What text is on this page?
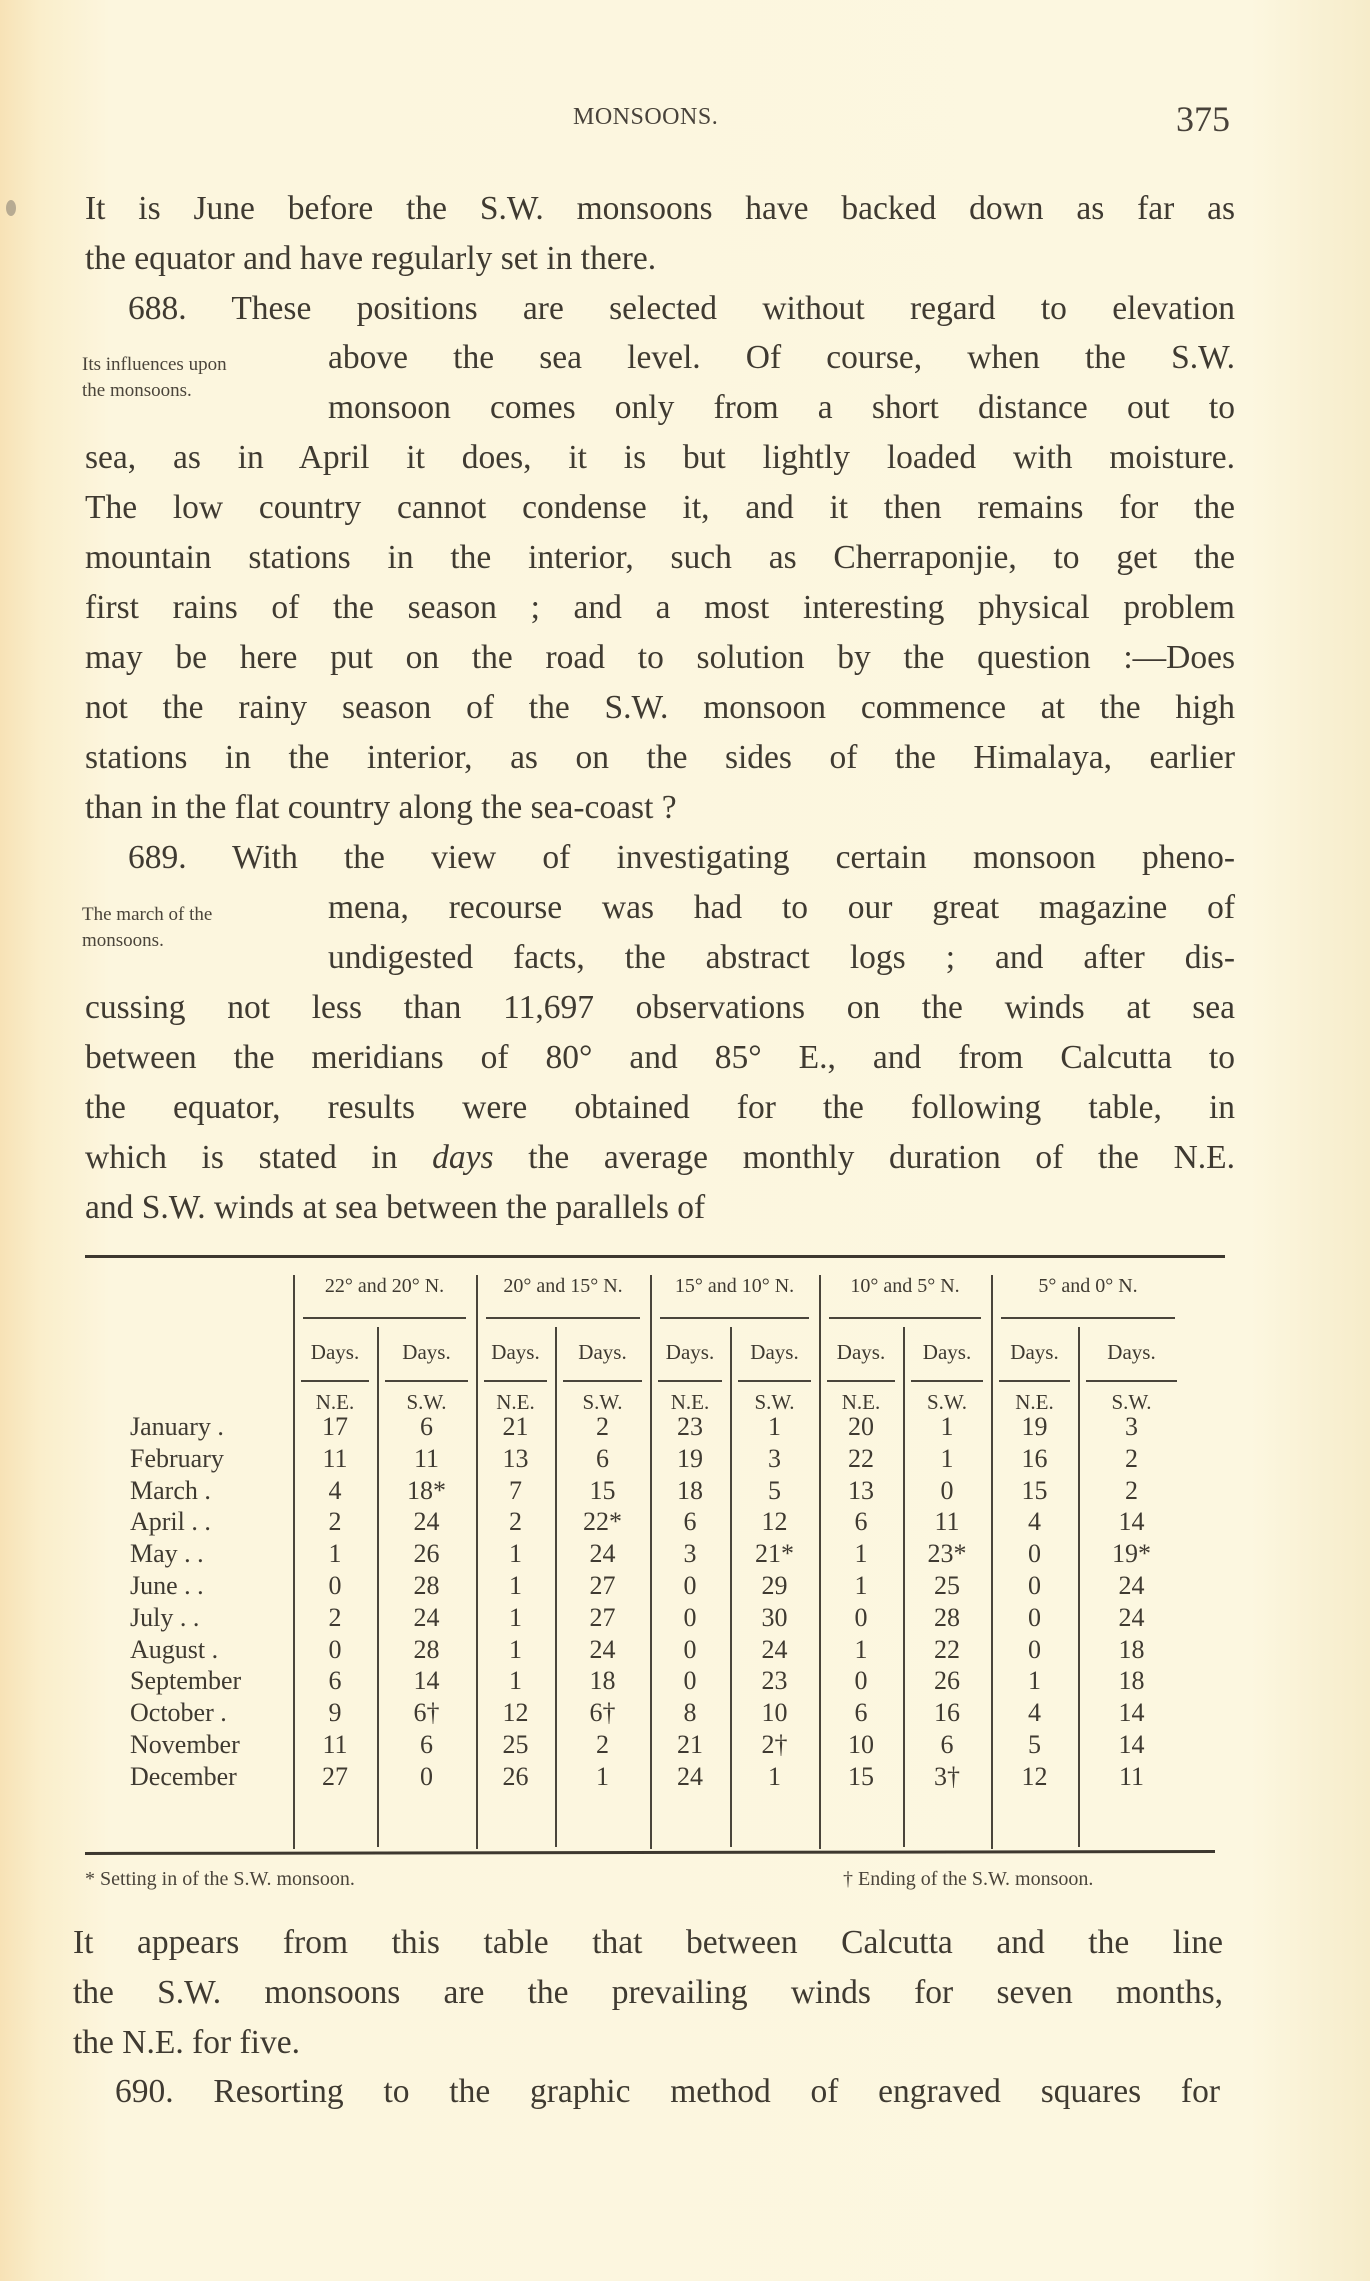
MONSOONS.	375
It is June before the S.W. monsoons have backed down as far as
the equator and have regularly set in there.
688. These positions are selected without regard to elevation
Its influences upon
the monsoons.
above the sea level. Of course, when the S.W.
monsoon comes only from a short distance out to
sea, as in April it does, it is but lightly loaded with moisture.
The low country cannot condense it, and it then remains for the
mountain stations in the interior, such as Cherraponjie, to get the
first rains of the season ; and a most interesting physical problem
may be here put on the road to solution by the question :—Does
not the rainy season of the S.W. monsoon commence at the high
stations in the interior, as on the sides of the Himalaya, earlier
than in the flat country along the sea-coast ?
689. With the view of investigating certain monsoon pheno-
The march of the
monsoons.
mena, recourse was had to our great magazine of
undigested facts, the abstract logs ; and after dis-
cussing not less than 11,697 observations on the winds at sea
between the meridians of 80° and 85° E., and from Calcutta to
the equator, results were obtained for the following table, in
which is stated in days the average monthly duration of the N.E.
and S.W. winds at sea between the parallels of
22° and 20° N.
Days.	Days.
N.E.	S.W.
20° and 15° N.
Days.	Days.
N.E.	S.W.
15° and 10° N.
Days.	Days.
N.E.	S.W.
10° and 5° N.
Days.	Days.
N.E.	S.W.
5° and 0° N.
Days.	Days.
N.E.	S.W.
January .	17	6	21	2	23	1	20	1	19	3
February	11	11	13	6	19	3	22	1	16	2
March .	4	18*	7	15	18	5	13	0	15	2
April . .	2	24	2	22*	6	12	6	11	4	14
May . .	1	26	1	24	3	21*	1	23*	0	19*
June . .	0	28	1	27	0	29	1	25	0	24
July . .	2	24	1	27	0	30	0	28	0	24
August .	0	28	1	24	0	24	1	22	0	18
September	6	14	1	18	0	23	0	26	1	18
October .	9	6†	12	6†	8	10	6	16	4	14
November	11	6	25	2	21	2†	10	6	5	14
December	27	0	26	1	24	1	15	3†	12	11
* Setting in of the S.W. monsoon.	† Ending of the S.W. monsoon.
It appears from this table that between Calcutta and the line
the S.W. monsoons are the prevailing winds for seven months,
the N.E. for five.
690. Resorting to the graphic method of engraved squares for
